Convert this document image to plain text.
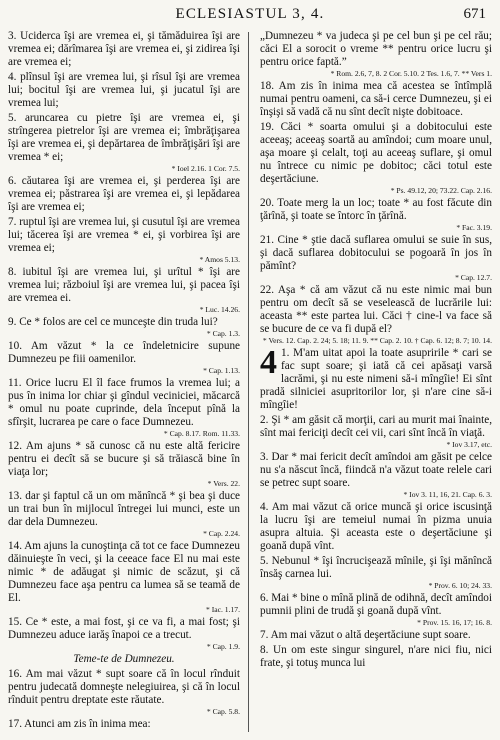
ECLESIASTUL 3, 4.	671

3. Uciderca îşi are vremea ei, şi tămăduirea îşi are vremea ei; dărîmarea îşi are vremea ei, şi zidirea îşi are vremea ei;

4. plînsul îşi are vremea lui, şi rîsul îşi are vremea lui; bocitul îşi are vremea lui, şi jucatul îşi are vremea lui;

5. aruncarea cu pietre îşi are vremea ei, şi strîngerea pietrelor îşi are vremea ei; îmbrăţişarea îşi are vremea ei, şi depărtarea de îmbrăţişări îşi are vremea * ei;
* Ioel 2.16. 1 Cor. 7.5.

6. căutarea îşi are vremea ei, şi perderea îşi are vremea ei; păstrarea îşi are vremea ei, şi lepădarea îşi are vremea ei;

7. ruptul îşi are vremea lui, şi cusutul îşi are vremea lui; tăcerea îşi are vremea * ei, şi vorbirea îşi are vremea ei;
* Amos 5.13.

8. iubitul îşi are vremea lui, şi urîtul * îşi are vremea lui; războiul îşi are vremea lui, şi pacea îşi are vremea ei.
* Luc. 14.26.

9. Ce * folos are cel ce munceşte din truda lui?
* Cap. 1.3.

10. Am văzut * la ce îndeletnicire supune Dumnezeu pe fiii oamenilor.
* Cap. 1.13.

11. Orice lucru El îl face frumos la vremea lui; a pus în inima lor chiar şi gîndul veciniciei, măcarcă * omul nu poate cuprinde, dela început pînă la sfîrşit, lucrarea pe care o face Dumnezeu.
* Cap. 8.17. Rom. 11.33.

12. Am ajuns * să cunosc că nu este altă fericire pentru ei decît să se bucure şi să trăiască bine în viaţa lor;
* Vers. 22.

13. dar şi faptul că un om mănîncă * şi bea şi duce un trai bun în mijlocul întregei lui munci, este un dar dela Dumnezeu.
* Cap. 2.24.

14. Am ajuns la cunoştinţa că tot ce face Dumnezeu dăinuieşte în veci, şi la ceeace face El nu mai este nimic * de adăugat şi nimic de scăzut, şi că Dumnezeu face aşa pentru ca lumea să se teamă de El.
* Iac. 1.17.

15. Ce * este, a mai fost, şi ce va fi, a mai fost; şi Dumnezeu aduce iarăş înapoi ce a trecut.
* Cap. 1.9.

Teme-te de Dumnezeu.

16. Am mai văzut * supt soare că în locul rînduit pentru judecată domneşte nelegiuirea, şi că în locul rînduit pentru dreptate este răutate.
* Cap. 5.8.

17. Atunci am zis în inima mea:

„Dumnezeu * va judeca şi pe cel bun şi pe cel rău; căci El a sorocit o vreme ** pentru orice lucru şi pentru orice faptă.”
* Rom. 2.6, 7, 8. 2 Cor. 5.10. 2 Tes. 1.6, 7. ** Vers 1.

18. Am zis în inima mea că acestea se întîmplă numai pentru oameni, ca să-i cerce Dumnezeu, şi ei înşişi să vadă că nu sînt decît nişte dobitoace.

19. Căci * soarta omului şi a dobitocului este aceeaş; aceeaş soartă au amîndoi; cum moare unul, aşa moare şi celalt, toţi au aceeaş suflare, şi omul nu întrece cu nimic pe dobitoc; căci totul este deşertăciune.
* Ps. 49.12, 20; 73.22. Cap. 2.16.

20. Toate merg la un loc; toate * au fost făcute din ţărînă, şi toate se întorc în ţărînă.
* Fac. 3.19.

21. Cine * ştie dacă suflarea omului se suie în sus, şi dacă suflarea dobitocului se pogoară în jos în pămînt?
* Cap. 12.7.

22. Aşa * că am văzut că nu este nimic mai bun pentru om decît să se veselească de lucrările lui: aceasta ** este partea lui. Căci † cine-l va face să se bucure de ce va fi după el?
* Vers. 12. Cap. 2. 24; 5. 18; 11. 9. ** Cap. 2. 10. † Cap. 6. 12; 8. 7; 10. 14.

4 1. M'am uitat apoi la toate asupririle * cari se fac supt soare; şi iată că cei apăsaţi varsă lacrămi, şi nu este nimeni să-i mîngîie! Ei sînt pradă silniciei asupritorilor lor, şi n'are cine să-i mîngîie!

2. Şi * am găsit că morţii, cari au murit mai înainte, sînt mai fericiţi decît cei vii, cari sînt încă în viaţă.
* Iov 3.17, etc.

3. Dar * mai fericit decît amîndoi am găsit pe celce nu s'a născut încă, fiindcă n'a văzut toate relele cari se petrec supt soare.
* Iov 3. 11, 16, 21. Cap. 6. 3.

4. Am mai văzut că orice muncă şi orice iscusinţă la lucru îşi are temeiul numai în pizma unuia asupra altuia. Şi aceasta este o deşertăciune şi goană după vînt.

5. Nebunul * îşi încrucişează mînile, şi îşi mănîncă însăş carnea lui.
* Prov. 6. 10; 24. 33.

6. Mai * bine o mînă plină de odihnă, decît amîndoi pumnii plini de trudă şi goană după vînt.
* Prov. 15. 16, 17; 16. 8.

7. Am mai văzut o altă deşertăciune supt soare.

8. Un om este singur singurel, n'are nici fiu, nici frate, şi totuş munca lui
